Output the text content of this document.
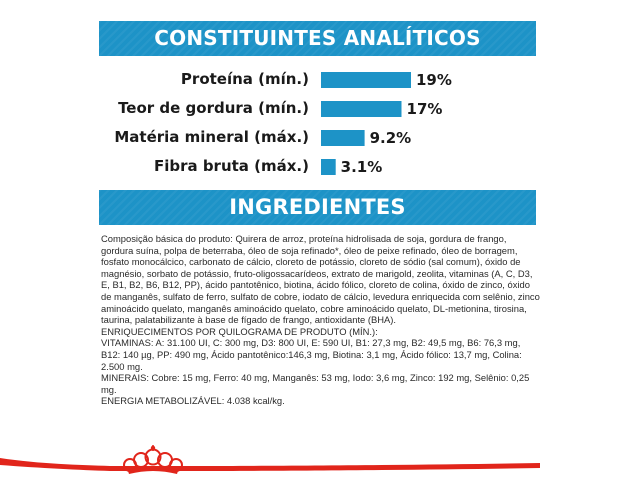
CONSTITUINTES ANALÍTICOS
Proteína (mín.)	19%
Teor de gordura (mín.)	17%
Matéria mineral (máx.)	9.2%
Fibra bruta (máx.) 3.1%
INGREDIENTES

Composição básica do produto: Quirera de arroz, proteína hidrolisada de soja, gordura de frango, gordura suína, polpa de beterraba, óleo de soja refinado*, óleo de peixe refinado, óleo de borragem, fosfato monocálcico, carbonato de cálcio, cloreto de potássio, cloreto de sódio (sal comum), óxido de magnésio, sorbato de potássio, fruto-oligossacarídeos, extrato de marigold, zeolita, vitaminas (A, C, D3, E, B1, B2, B6, B12, PP), ácido pantotênico, biotina, ácido fólico, cloreto de colina, óxido de zinco, óxido de manganês, sulfato de ferro, sulfato de cobre, iodato de cálcio, levedura enriquecida com selênio, zinco aminoácido quelato, manganês aminoácido quelato, cobre aminoácido quelato, DL-metionina, tirosina, taurina, palatabilizante à base de fígado de frango, antioxidante (BHA).

ENRIQUECIMENTOS POR QUILOGRAMA DE PRODUTO (MÍN.):

VITAMINAS: A: 31.100 UI, C: 300 mg, D3: 800 UI, E: 590 UI, B1: 27,3 mg, B2: 49,5 mg, B6: 76,3 mg, B12: 140 µg, PP: 490 mg, Ácido pantotênico:146,3 mg, Biotina: 3,1 mg, Ácido fólico: 13,7 mg, Colina: 2.500 mg.

MINERAIS: Cobre: 15 mg, Ferro: 40 mg, Manganês: 53 mg, Iodo: 3,6 mg, Zinco: 192 mg, Selênio: 0,25 mg.

ENERGIA METABOLIZÁVEL: 4.038 kcal/kg.
